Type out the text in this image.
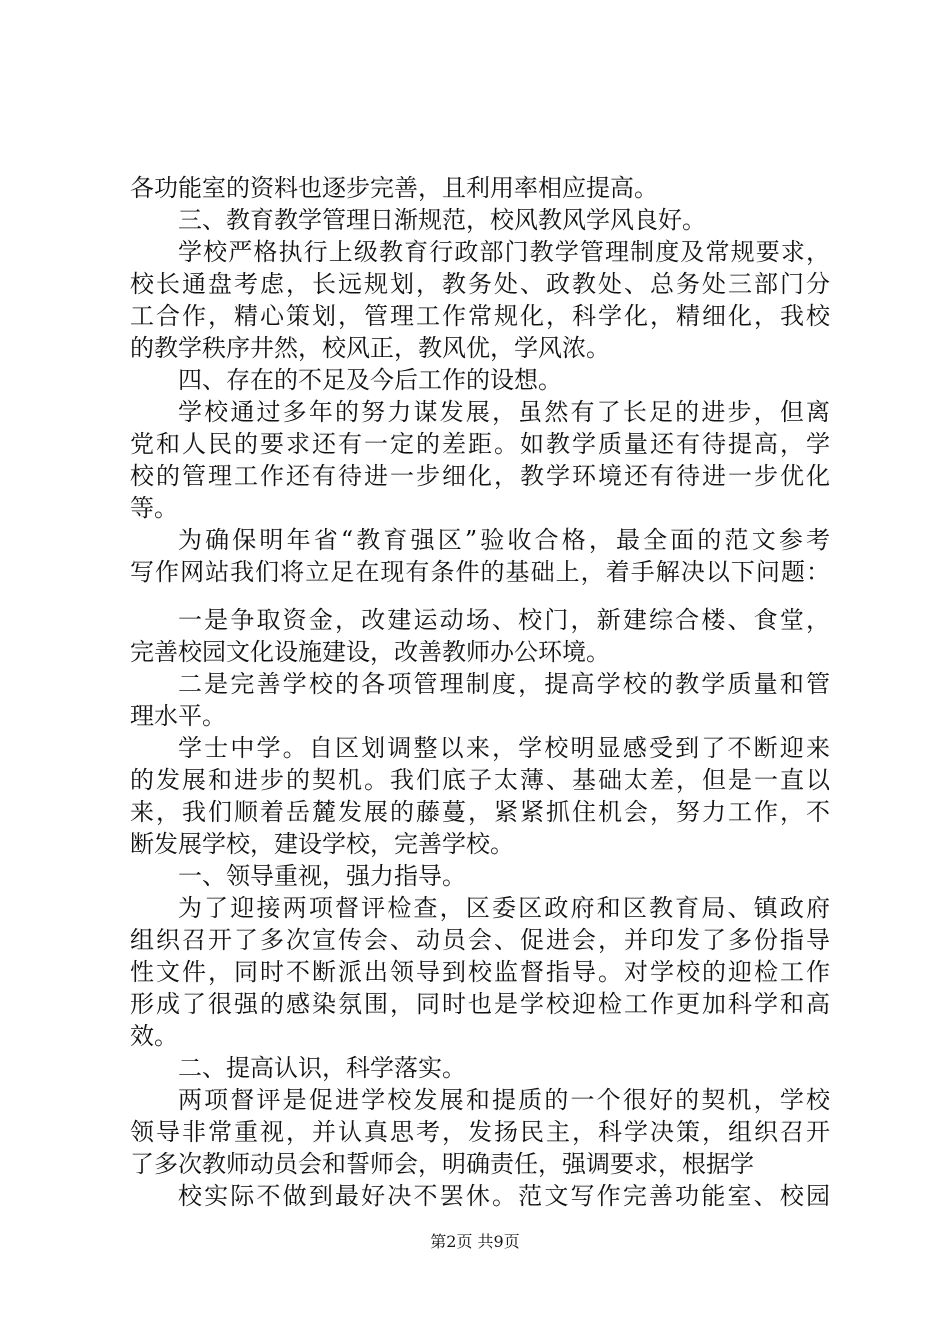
各功能室的资料也逐步完善，且利用率相应提高。
三、教育教学管理日渐规范，校风教风学风良好。
学校严格执行上级教育行政部门教学管理制度及常规要求，
校长通盘考虑，长远规划，教务处、政教处、总务处三部门分
工合作，精心策划，管理工作常规化，科学化，精细化，我校
的教学秩序井然，校风正，教风优，学风浓。
四、存在的不足及今后工作的设想。
学校通过多年的努力谋发展，虽然有了长足的进步，但离
党和人民的要求还有一定的差距。如教学质量还有待提高，学
校的管理工作还有待进一步细化，教学环境还有待进一步优化
等。
为确保明年省“教育强区”验收合格，最全面的范文参考
写作网站我们将立足在现有条件的基础上，着手解决以下问题：
一是争取资金，改建运动场、校门，新建综合楼、食堂，
完善校园文化设施建设，改善教师办公环境。
二是完善学校的各项管理制度，提高学校的教学质量和管
理水平。
学士中学。自区划调整以来，学校明显感受到了不断迎来
的发展和进步的契机。我们底子太薄、基础太差，但是一直以
来，我们顺着岳麓发展的藤蔓，紧紧抓住机会，努力工作，不
断发展学校，建设学校，完善学校。
一、领导重视，强力指导。
为了迎接两项督评检查，区委区政府和区教育局、镇政府
组织召开了多次宣传会、动员会、促进会，并印发了多份指导
性文件，同时不断派出领导到校监督指导。对学校的迎检工作
形成了很强的感染氛围，同时也是学校迎检工作更加科学和高
效。
二、提高认识，科学落实。
两项督评是促进学校发展和提质的一个很好的契机，学校
领导非常重视，并认真思考，发扬民主，科学决策，组织召开
了多次教师动员会和誓师会，明确责任，强调要求，根据学
校实际不做到最好决不罢休。范文写作完善功能室、校园
第2页 共9页
